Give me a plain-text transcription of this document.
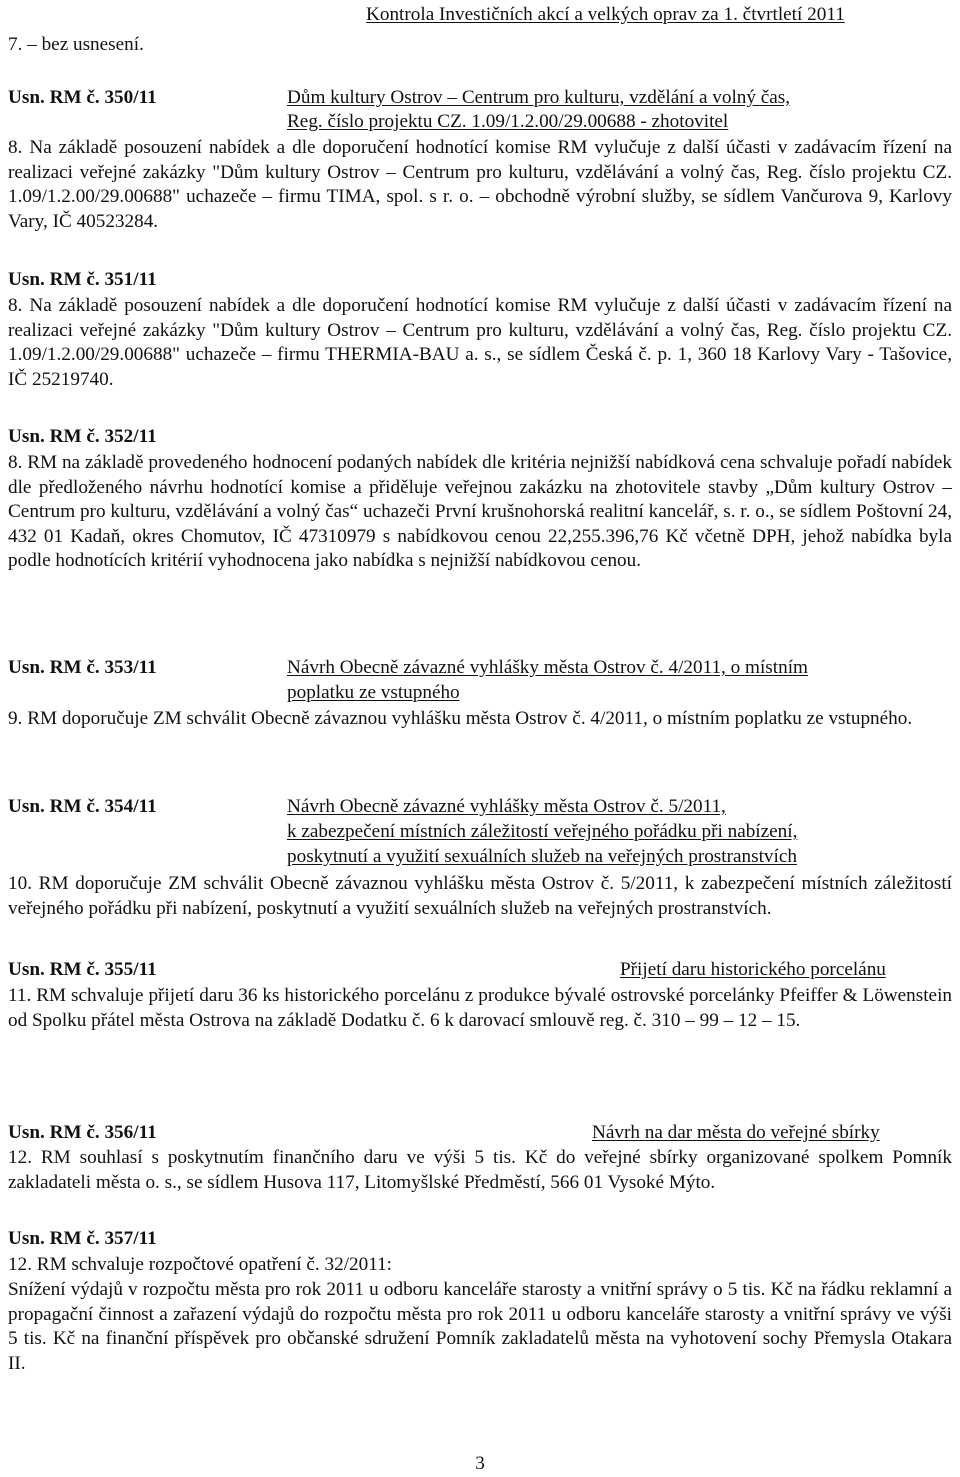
7. – bez usnesení.
Kontrola Investičních akcí a velkých oprav za 1. čtvrtletí 2011
Usn. RM č. 350/11	Dům kultury Ostrov – Centrum pro kulturu, vzdělání a volný čas,
Reg. číslo projektu CZ. 1.09/1.2.00/29.00688 - zhotovitel

8. Na základě posouzení nabídek a dle doporučení hodnotící komise RM vylučuje z další účasti v zadávacím řízení na realizaci veřejné zakázky "Dům kultury Ostrov – Centrum pro kulturu, vzdělávání a volný čas, Reg. číslo projektu CZ. 1.09/1.2.00/29.00688" uchazeče – firmu TIMA, spol. s r. o. – obchodně výrobní služby, se sídlem Vančurova 9, Karlovy Vary, IČ 40523284.

Usn. RM č. 351/11

8. Na základě posouzení nabídek a dle doporučení hodnotící komise RM vylučuje z další účasti v zadávacím řízení na realizaci veřejné zakázky "Dům kultury Ostrov – Centrum pro kulturu, vzdělávání a volný čas, Reg. číslo projektu CZ. 1.09/1.2.00/29.00688" uchazeče – firmu THERMIA-BAU a. s., se sídlem Česká č. p. 1, 360 18 Karlovy Vary - Tašovice, IČ 25219740.

Usn. RM č. 352/11

8. RM na základě provedeného hodnocení podaných nabídek dle kritéria nejnižší nabídková cena schvaluje pořadí nabídek dle předloženého návrhu hodnotící komise a přiděluje veřejnou zakázku na zhotovitele stavby „Dům kultury Ostrov – Centrum pro kulturu, vzdělávání a volný čas“ uchazeči První krušnohorská realitní kancelář, s. r. o., se sídlem Poštovní 24, 432 01 Kadaň, okres Chomutov, IČ 47310979 s nabídkovou cenou 22,255.396,76 Kč včetně DPH, jehož nabídka byla podle hodnotících kritérií vyhodnocena jako nabídka s nejnižší nabídkovou cenou.

Usn. RM č. 353/11	Návrh Obecně závazné vyhlášky města Ostrov č. 4/2011, o místním
poplatku ze vstupného

9. RM doporučuje ZM schválit Obecně závaznou vyhlášku města Ostrov č. 4/2011, o místním poplatku ze vstupného.

Usn. RM č. 354/11	Návrh Obecně závazné vyhlášky města Ostrov č. 5/2011,
k zabezpečení místních záležitostí veřejného pořádku při nabízení,
poskytnutí a využití sexuálních služeb na veřejných prostranstvích

10. RM doporučuje ZM schválit Obecně závaznou vyhlášku města Ostrov č. 5/2011, k zabezpečení místních záležitostí veřejného pořádku při nabízení, poskytnutí a využití sexuálních služeb na veřejných prostranstvích.

Usn. RM č. 355/11	Přijetí daru historického porcelánu

11. RM schvaluje přijetí daru 36 ks historického porcelánu z produkce bývalé ostrovské porcelánky Pfeiffer & Löwenstein od Spolku přátel města Ostrova na základě Dodatku č. 6 k darovací smlouvě reg. č. 310 – 99 – 12 – 15.

Usn. RM č. 356/11	Návrh na dar města do veřejné sbírky

12. RM souhlasí s poskytnutím finančního daru ve výši 5 tis. Kč do veřejné sbírky organizované spolkem Pomník zakladateli města o. s., se sídlem Husova 117, Litomyšlské Předměstí, 566 01 Vysoké Mýto.

Usn. RM č. 357/11
12. RM schvaluje rozpočtové opatření č. 32/2011:

Snížení výdajů v rozpočtu města pro rok 2011 u odboru kanceláře starosty a vnitřní správy o 5 tis. Kč na řádku reklamní a propagační činnost a zařazení výdajů do rozpočtu města pro rok 2011 u odboru kanceláře starosty a vnitřní správy ve výši 5 tis. Kč na finanční příspěvek pro občanské sdružení Pomník zakladatelů města na vyhotovení sochy Přemysla Otakara II.

3
